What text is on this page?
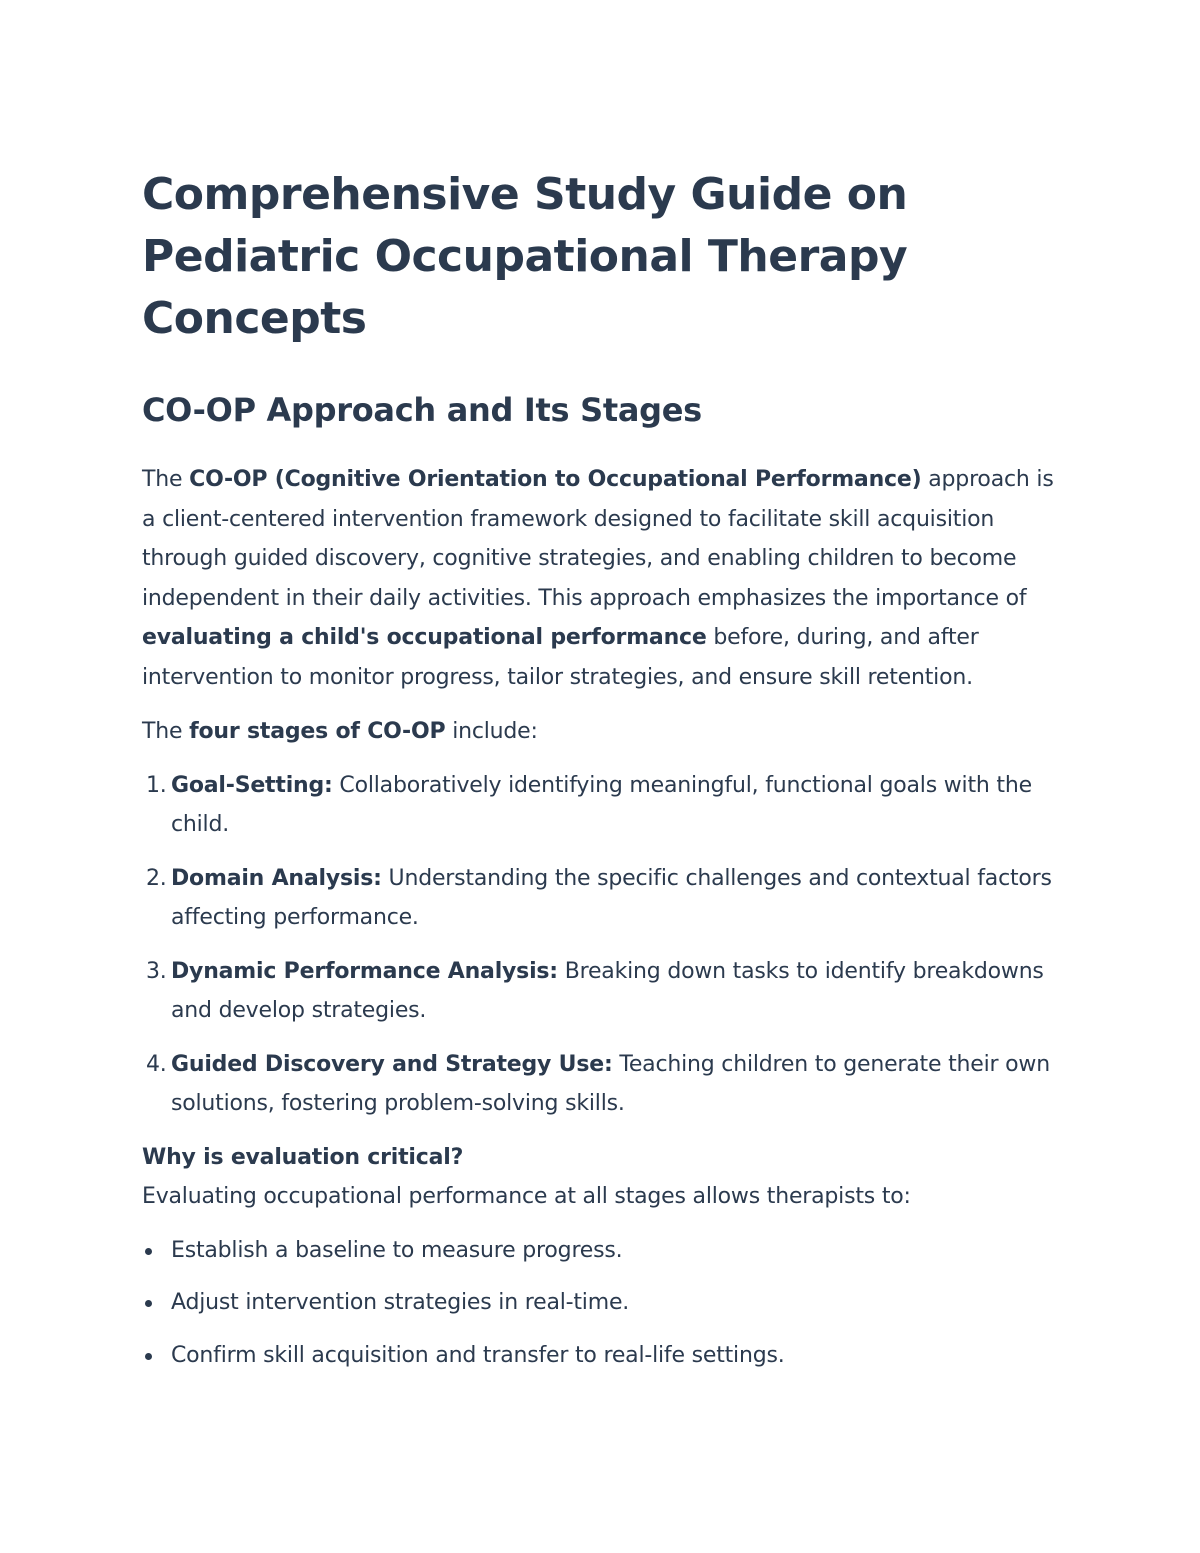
Comprehensive Study Guide on Pediatric Occupational Therapy Concepts
CO-OP Approach and Its Stages

The CO-OP (Cognitive Orientation to Occupational Performance) approach is a client-centered intervention framework designed to facilitate skill acquisition through guided discovery, cognitive strategies, and enabling children to become independent in their daily activities. This approach emphasizes the importance of evaluating a child's occupational performance before, during, and after intervention to monitor progress, tailor strategies, and ensure skill retention.

The four stages of CO-OP include:

1. Goal-Setting: Collaboratively identifying meaningful, functional goals with the child.
2. Domain Analysis: Understanding the specific challenges and contextual factors affecting performance.
3. Dynamic Performance Analysis: Breaking down tasks to identify breakdowns and develop strategies.
4. Guided Discovery and Strategy Use: Teaching children to generate their own solutions, fostering problem-solving skills.

Why is evaluation critical?

Evaluating occupational performance at all stages allows therapists to:

Establish a baseline to measure progress.
Adjust intervention strategies in real-time.
Confirm skill acquisition and transfer to real-life settings.
